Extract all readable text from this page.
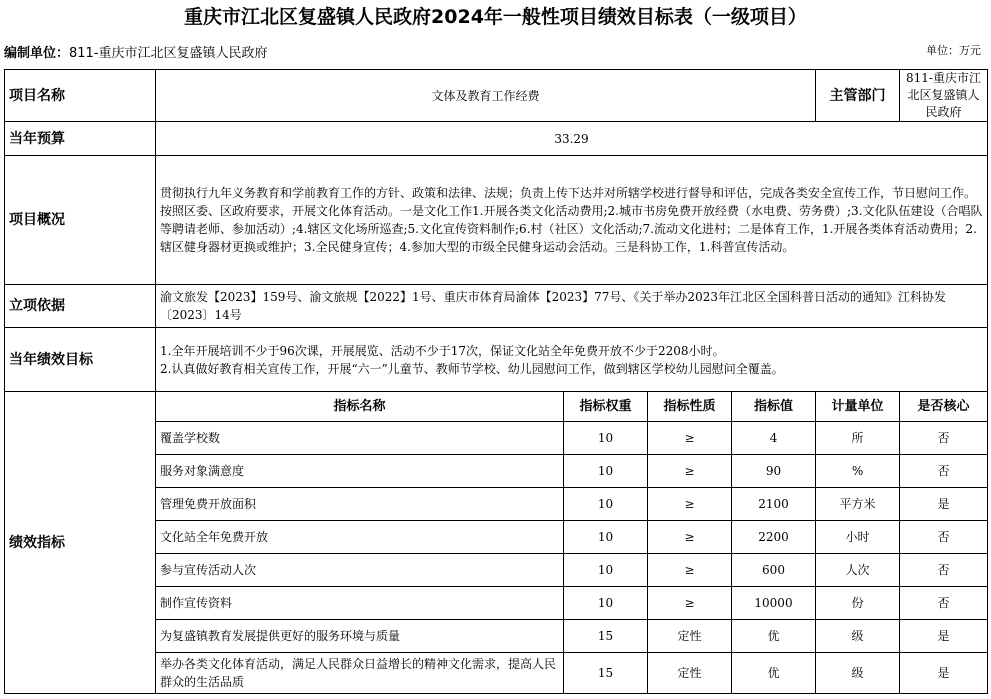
重庆市江北区复盛镇人民政府2024年一般性项目绩效目标表（一级项目）
编制单位：811-重庆市江北区复盛镇人民政府	单位：万元
项目名称	文体及教育工作经费				主管部门	811-重庆市江北区复盛镇人民政府
当年预算	33.29					
项目概况	贯彻执行九年义务教育和学前教育工作的方针、政策和法律、法规；负责上传下达并对所辖学校进行督导和评估，完成各类安全宣传工作，节日慰问工作。
按照区委、区政府要求，开展文化体育活动。一是文化工作1.开展各类文化活动费用;2.城市书房免费开放经费（水电费、劳务费）;3.文化队伍建设（合唱队等聘请老师、参加活动）;4.辖区文化场所巡查;5.文化宣传资料制作;6.村（社区）文化活动;7.流动文化进村；二是体育工作，1.开展各类体育活动费用；2.辖区健身器材更换或维护；3.全民健身宣传；4.参加大型的市级全民健身运动会活动。三是科协工作，1.科普宣传活动。					

立项依据	渝文旅发【2023】159号、渝文旅规【2022】1号、重庆市体育局渝体【2023】77号、《关于举办2023年江北区全国科普日活动的通知》江科协发〔2023〕14号					
当年绩效目标	1.全年开展培训不少于96次课，开展展览、活动不少于17次，保证文化站全年免费开放不少于2208小时。
2.认真做好教育相关宣传工作，开展“六一”儿童节、教师节学校、幼儿园慰问工作，做到辖区学校幼儿园慰问全覆盖。					

绩效指标	指标名称	指标权重	指标性质	指标值	计量单位	是否核心
	覆盖学校数	10	≥	4	所	否
	服务对象满意度	10	≥	90	%	否
	管理免费开放面积	10	≥	2100	平方米	是
	文化站全年免费开放	10	≥	2200	小时	否
	参与宣传活动人次	10	≥	600	人次	否
	制作宣传资料	10	≥	10000	份	否
	为复盛镇教育发展提供更好的服务环境与质量	15	定性	优	级	是
	举办各类文化体育活动，满足人民群众日益增长的精神文化需求，提高人民群众的生活品质	15	定性	优	级	是
